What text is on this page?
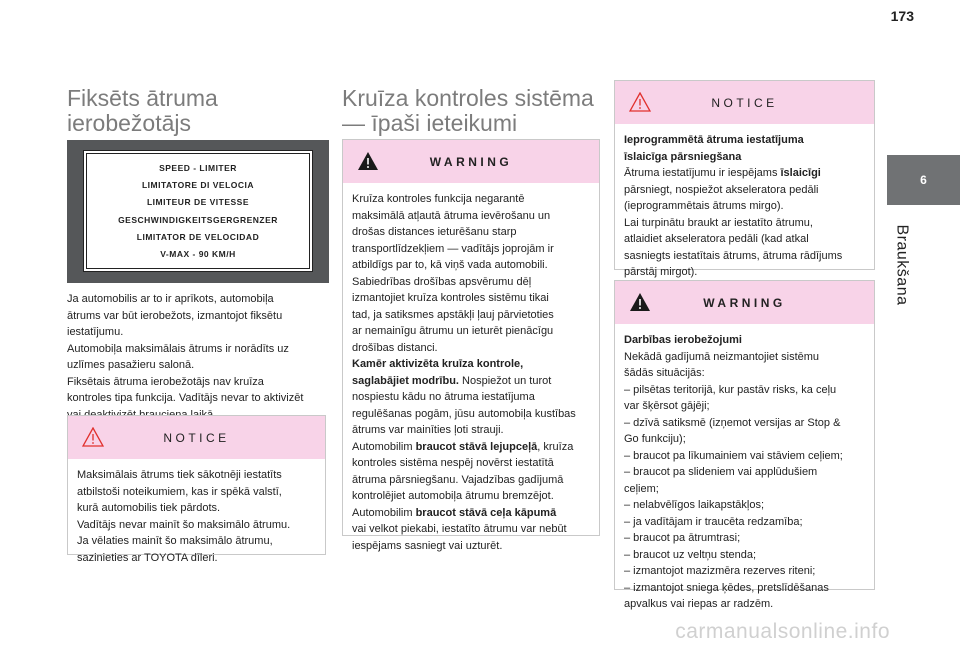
173
6
Braukšana
Fiksēts ātruma
ierobežotājs
SPEED - LIMITER
LIMITATORE DI VELOCIA
LIMITEUR DE VITESSE
GESCHWINDIGKEITSGERGRENZER
LIMITATOR DE VELOCIDAD
V-MAX - 90 KM/H
Ja automobilis ar to ir aprīkots, automobiļa
ātrums var būt ierobežots, izmantojot fiksētu
iestatījumu.
Automobiļa maksimālais ātrums ir norādīts uz
uzlīmes pasažieru salonā.
Fiksētais ātruma ierobežotājs nav kruīza
kontroles tipa funkcija. Vadītājs nevar to aktivizēt
NOTICE
Maksimālais ātrums tiek sākotnēji iestatīts
atbilstoši noteikumiem, kas ir spēkā valstī,
kurā automobilis tiek pārdots.
Vadītājs nevar mainīt šo maksimālo ātrumu.
Ja vēlaties mainīt šo maksimālo ātrumu,
sazinieties ar TOYOTA dīleri.
Kruīza kontroles sistēma
— īpaši ieteikumi
WARNING
Kruīza kontroles funkcija negarantē
maksimālā atļautā ātruma ievērošanu un
drošas distances ieturēšanu starp
transportlīdzekļiem — vadītājs joprojām ir
atbildīgs par to, kā viņš vada automobili.
Sabiedrības drošības apsvērumu dēļ
izmantojiet kruīza kontroles sistēmu tikai
tad, ja satiksmes apstākļi ļauj pārvietoties
ar nemainīgu ātrumu un ieturēt pienācīgu
drošības distanci.
Kamēr aktivizēta kruīza kontrole,
saglabājiet modrību. Nospiežot un turot
nospiestu kādu no ātruma iestatījuma
regulēšanas pogām, jūsu automobiļa kustības
ātrums var mainīties ļoti strauji.
Automobilim braucot stāvā lejupceļā, kruīza
kontroles sistēma nespēj novērst iestatītā
ātruma pārsniegšanu. Vajadzības gadījumā
kontrolējiet automobiļa ātrumu bremzējot.
Automobilim braucot stāvā ceļa kāpumā
vai velkot piekabi, iestatīto ātrumu var nebūt
iespējams sasniegt vai uzturēt.
NOTICE
Ieprogrammētā ātruma iestatījuma
īslaicīga pārsniegšana
Ātruma iestatījumu ir iespējams īslaicīgi
pārsniegt, nospiežot akseleratora pedāli
(ieprogrammētais ātrums mirgo).
Lai turpinātu braukt ar iestatīto ātrumu,
atlaidiet akseleratora pedāli (kad atkal
sasniegts iestatītais ātrums, ātruma rādījums
pārstāj mirgot).
WARNING
Darbības ierobežojumi
Nekādā gadījumā neizmantojiet sistēmu
šādās situācijās:
– pilsētas teritorijā, kur pastāv risks, ka ceļu
var šķērsot gājēji;
– dzīvā satiksmē (izņemot versijas ar Stop &
Go funkciju);
– braucot pa līkumainiem vai stāviem ceļiem;
– braucot pa slideniem vai applūdušiem
ceļiem;
– nelabvēlīgos laikapstākļos;
– ja vadītājam ir traucēta redzamība;
– braucot pa ātrumtrasi;
– braucot uz veltņu stenda;
– izmantojot mazizmēra rezerves riteni;
– izmantojot sniega ķēdes, pretslīdēšanas
apvalkus vai riepas ar radzēm.
carmanualsonline.info
